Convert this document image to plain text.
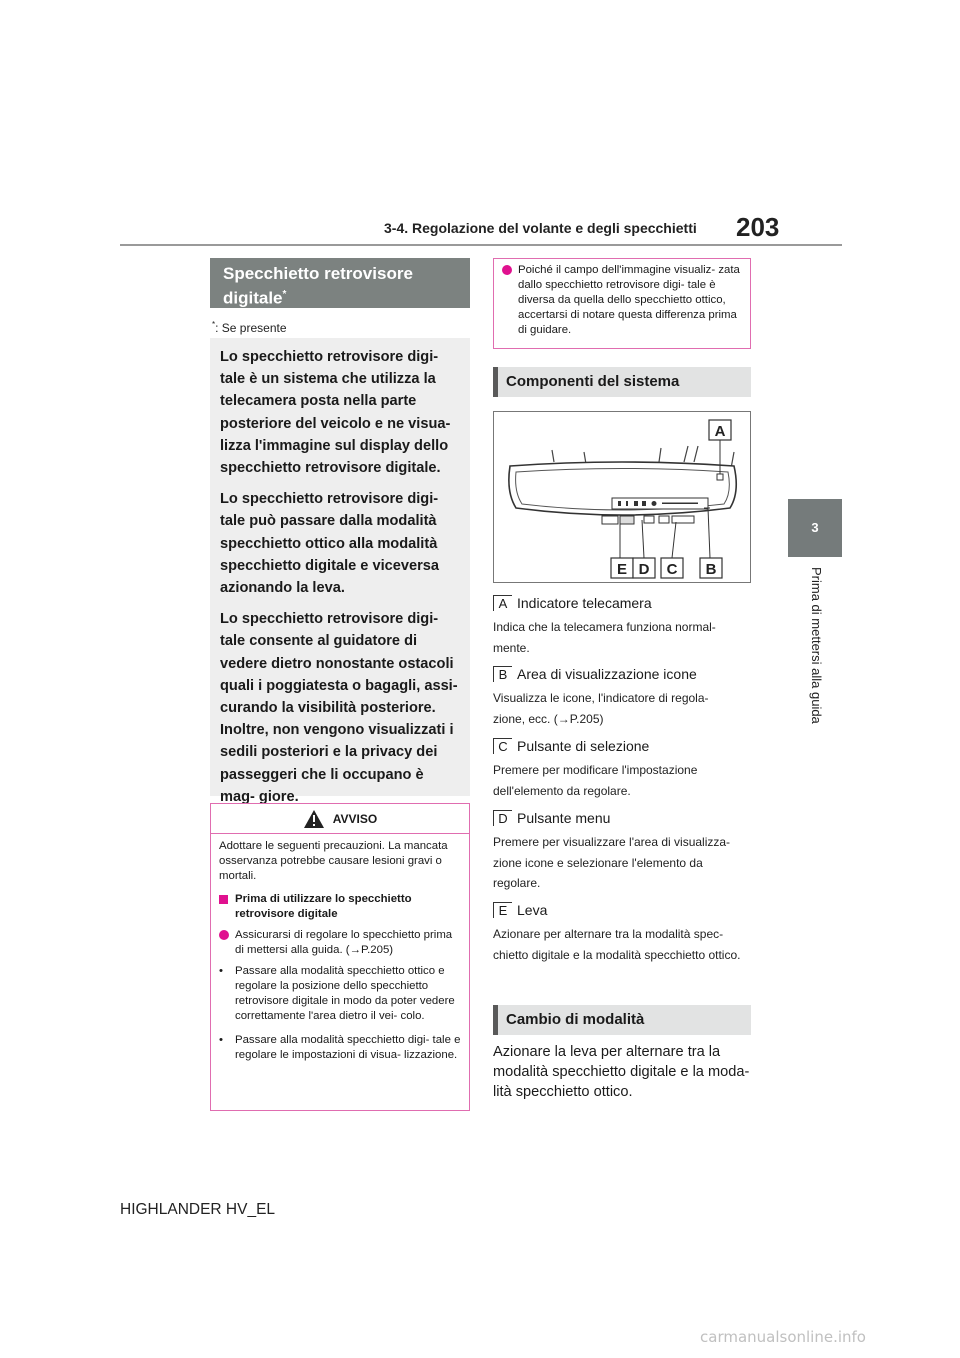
203
3-4. Regolazione del volante e degli specchietti
3
Prima di mettersi alla guida
Specchietto retrovisore digitale*
*: Se presente

Lo specchietto retrovisore digi- tale è un sistema che utilizza la telecamera posta nella parte posteriore del veicolo e ne visua- lizza l'immagine sul display dello specchietto retrovisore digitale.

Lo specchietto retrovisore digi- tale può passare dalla modalità specchietto ottico alla modalità specchietto digitale e viceversa azionando la leva.

Lo specchietto retrovisore digi- tale consente al guidatore di vedere dietro nonostante ostacoli quali i poggiatesta o bagagli, assi- curando la visibilità posteriore. Inoltre, non vengono visualizzati i sedili posteriori e la privacy dei passeggeri che li occupano è mag- giore.

AVVISO
Adottare le seguenti precauzioni. La mancata osservanza potrebbe causare lesioni gravi o mortali.
Prima di utilizzare lo specchietto retrovisore digitale
Assicurarsi di regolare lo specchietto prima di mettersi alla guida. (→P.205)
•	Passare alla modalità specchietto ottico e regolare la posizione dello specchietto retrovisore digitale in modo da poter vedere correttamente l'area dietro il vei- colo.
•	Passare alla modalità specchietto digi- tale e regolare le impostazioni di visua- lizzazione.
Poiché il campo dell'immagine visualiz- zata dallo specchietto retrovisore digi- tale è diversa da quella dello specchietto ottico, accertarsi di notare questa differenza prima di guidare.
Componenti del sistema
A
E D C B
A Indicatore telecamera
Indica che la telecamera funziona normal- mente.
B Area di visualizzazione icone
Visualizza le icone, l'indicatore di regola- zione, ecc. (→P.205)
C Pulsante di selezione
Premere per modificare l'impostazione dell'elemento da regolare.
D Pulsante menu
Premere per visualizzare l'area di visualizza- zione icone e selezionare l'elemento da regolare.
E Leva
Azionare per alternare tra la modalità spec- chietto digitale e la modalità specchietto ottico.
Cambio di modalità
Azionare la leva per alternare tra la modalità specchietto digitale e la moda- lità specchietto ottico.
HIGHLANDER HV_EL
carmanualsonline.info
